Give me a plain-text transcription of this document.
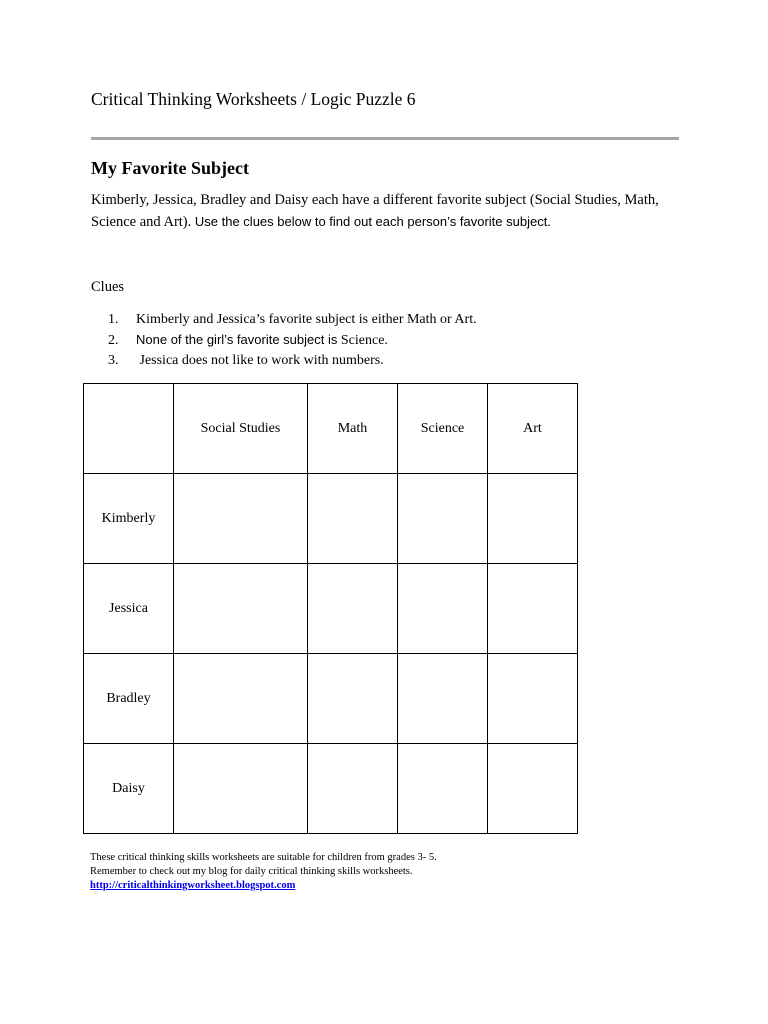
Critical Thinking Worksheets / Logic Puzzle 6
My Favorite Subject
Kimberly, Jessica, Bradley and Daisy each have a different favorite subject (Social Studies, Math, Science and Art). Use the clues below to find out each person’s favorite subject.
Clues
1. Kimberly and Jessica’s favorite subject is either Math or Art.
2. None of the girl’s favorite subject is Science.
3. Jessica does not like to work with numbers.
	Social Studies	Math	Science	Art
Kimberly				
Jessica				
Bradley				
Daisy				
These critical thinking skills worksheets are suitable for children from grades 3- 5.
Remember to check out my blog for daily critical thinking skills worksheets.
http://criticalthinkingworksheet.blogspot.com
